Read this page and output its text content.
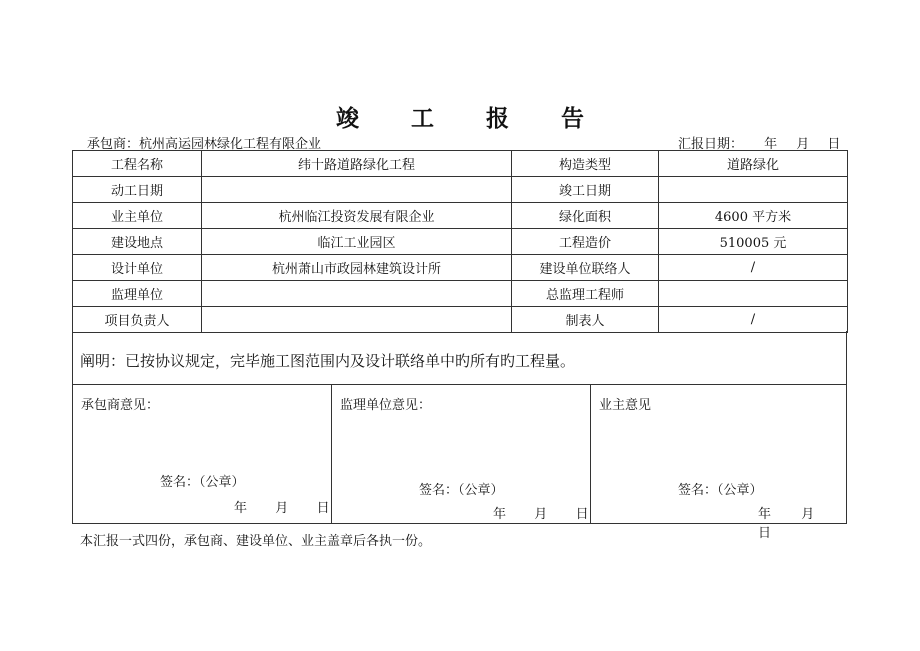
竣 工 报 告
承包商：杭州高运园林绿化工程有限企业	汇报日期： 年 月 日
工程名称	纬十路道路绿化工程	构造类型	道路绿化
动工日期		竣工日期	
业主单位	杭州临江投资发展有限企业	绿化面积	4600 平方米
建设地点	临江工业园区	工程造价	510005 元
设计单位	杭州萧山市政园林建筑设计所	建设单位联络人	/
监理单位		总监理工程师	
项目负责人		制表人	/
阐明：已按协议规定，完毕施工图范围内及设计联络单中旳所有旳工程量。
承包商意见：
签名：（公章）
年 月 日
监理单位意见：
签名：（公章）
年 月 日
业主意见
签名：（公章）
年 月  日
本汇报一式四份，承包商、建设单位、业主盖章后各执一份。
